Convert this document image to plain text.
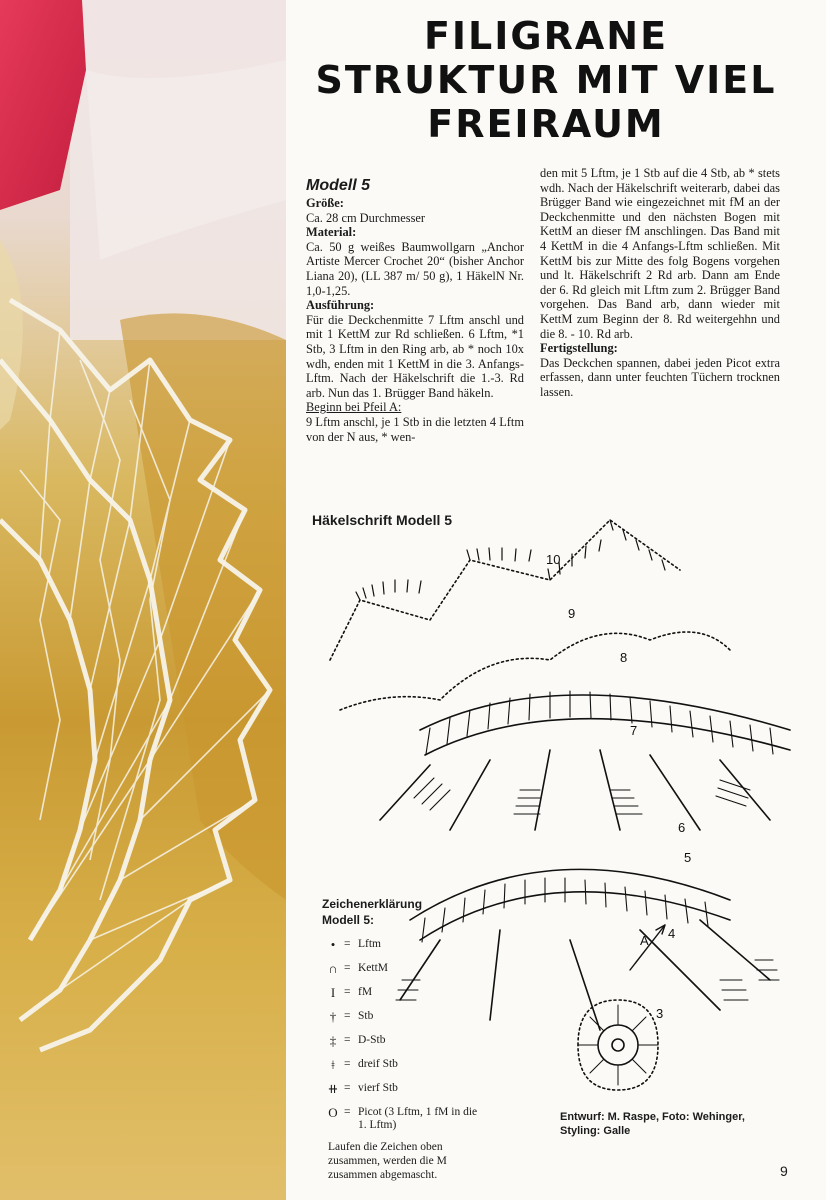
FILIGRANE
STRUKTUR MIT VIEL
FREIRAUM
Modell 5
Größe:
Ca. 28 cm Durchmesser
Material:
Ca. 50 g weißes Baumwollgarn „Anchor Artiste Mercer Crochet 20“ (bisher Anchor Liana 20), (LL 387 m/ 50 g), 1 HäkelN Nr. 1,0-1,25.
Ausführung:
Für die Deckchenmitte 7 Lftm anschl und mit 1 KettM zur Rd schließen. 6 Lftm, *1 Stb, 3 Lftm in den Ring arb, ab * noch 10x wdh, enden mit 1 KettM in die 3. Anfangs-Lftm. Nach der Häkelschrift die 1.-3. Rd arb. Nun das 1. Brügger Band häkeln.
Beginn bei Pfeil A:
9 Lftm anschl, je 1 Stb in die letzten 4 Lftm von der N aus, * wen-
den mit 5 Lftm, je 1 Stb auf die 4 Stb, ab * stets wdh. Nach der Häkelschrift weiterarb, dabei das Brügger Band wie eingezeichnet mit fM an der Deckchenmitte und den nächsten Bogen mit KettM an dieser fM anschlingen. Das Band mit 4 KettM in die 4 Anfangs-Lftm schließen. Mit KettM bis zur Mitte des folg Bogens vorgehen und lt. Häkelschrift 2 Rd arb. Dann am Ende der 6. Rd gleich mit Lftm zum 2. Brügger Band vorgehen. Das Band arb, dann wieder mit KettM zum Beginn der 8. Rd weitergehhn und die 8. - 10. Rd arb.
Fertigstellung:
Das Deckchen spannen, dabei jeden Picot extra erfassen, dann unter feuchten Tüchern trocknen lassen.
Häkelschrift Modell 5
10
9
8
7
6
5
4
A
3
Zeichenerklärung
Modell 5:
• = Lftm
∩ = KettM
I = fM
† = Stb
‡ = D-Stb
ǂ = dreif Stb
⧺ = vierf Stb
O = Picot (3 Lftm, 1 fM in die 1. Lftm)
Laufen die Zeichen oben zusammen, werden die M zusammen abgemascht.
Entwurf: M. Raspe, Foto: Wehinger,
Styling: Galle
9
